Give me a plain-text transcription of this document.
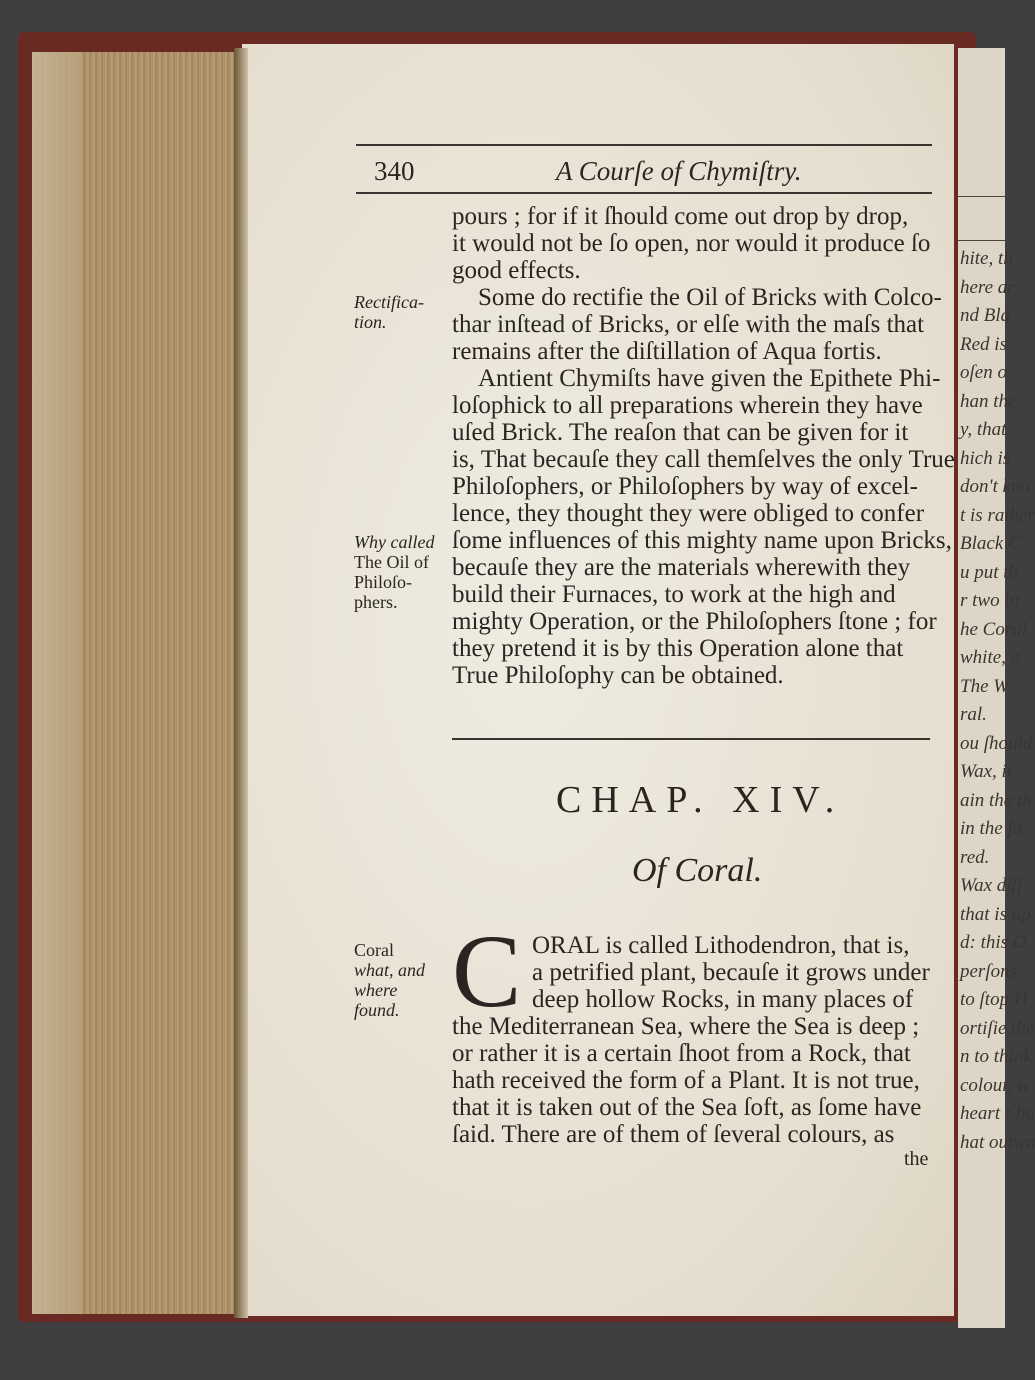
hite, th
here ar
nd Bla
Red is
oſen o
han the
y, that
hich is
don't kno
t is rather
Black C
u put th
r two in
he Coral
white, a
The W
ral.
ou ſhould
Wax, it
ain the th
in the ſa
red.
Wax diſſ
that is up
d: this O
perſons
to ſtop H
ortiſie the
n to think
colour, w
heart ; bu
hat outwa
340	A Courſe of Chymiſtry.
pours ; for if it ſhould come out drop by drop,
it would not be ſo open, nor would it produce ſo
good effects.
Some do rectifie the Oil of Bricks with Colco-
thar inſtead of Bricks, or elſe with the maſs that
remains after the diſtillation of Aqua fortis.
Antient Chymiſts have given the Epithete Phi-
loſophick to all preparations wherein they have
uſed Brick. The reaſon that can be given for it
is, That becauſe they call themſelves the only True
Philoſophers, or Philoſophers by way of excel-
lence, they thought they were obliged to confer
ſome influences of this mighty name upon Bricks,
becauſe they are the materials wherewith they
build their Furnaces, to work at the high and
mighty Operation, or the Philoſophers ſtone ; for
they pretend it is by this Operation alone that
True Philoſophy can be obtained.
Rectifica-
tion.
Why called
The Oil of
Philoſo-
phers.
Coral
what, and
where
found.
CHAP. XIV.
Of Coral.
C ORAL is called Lithodendron, that is,
a petrified plant, becauſe it grows under
deep hollow Rocks, in many places of
the Mediterranean Sea, where the Sea is deep ;
or rather it is a certain ſhoot from a Rock, that
hath received the form of a Plant. It is not true,
that it is taken out of the Sea ſoft, as ſome have
ſaid. There are of them of ſeveral colours, as
the
